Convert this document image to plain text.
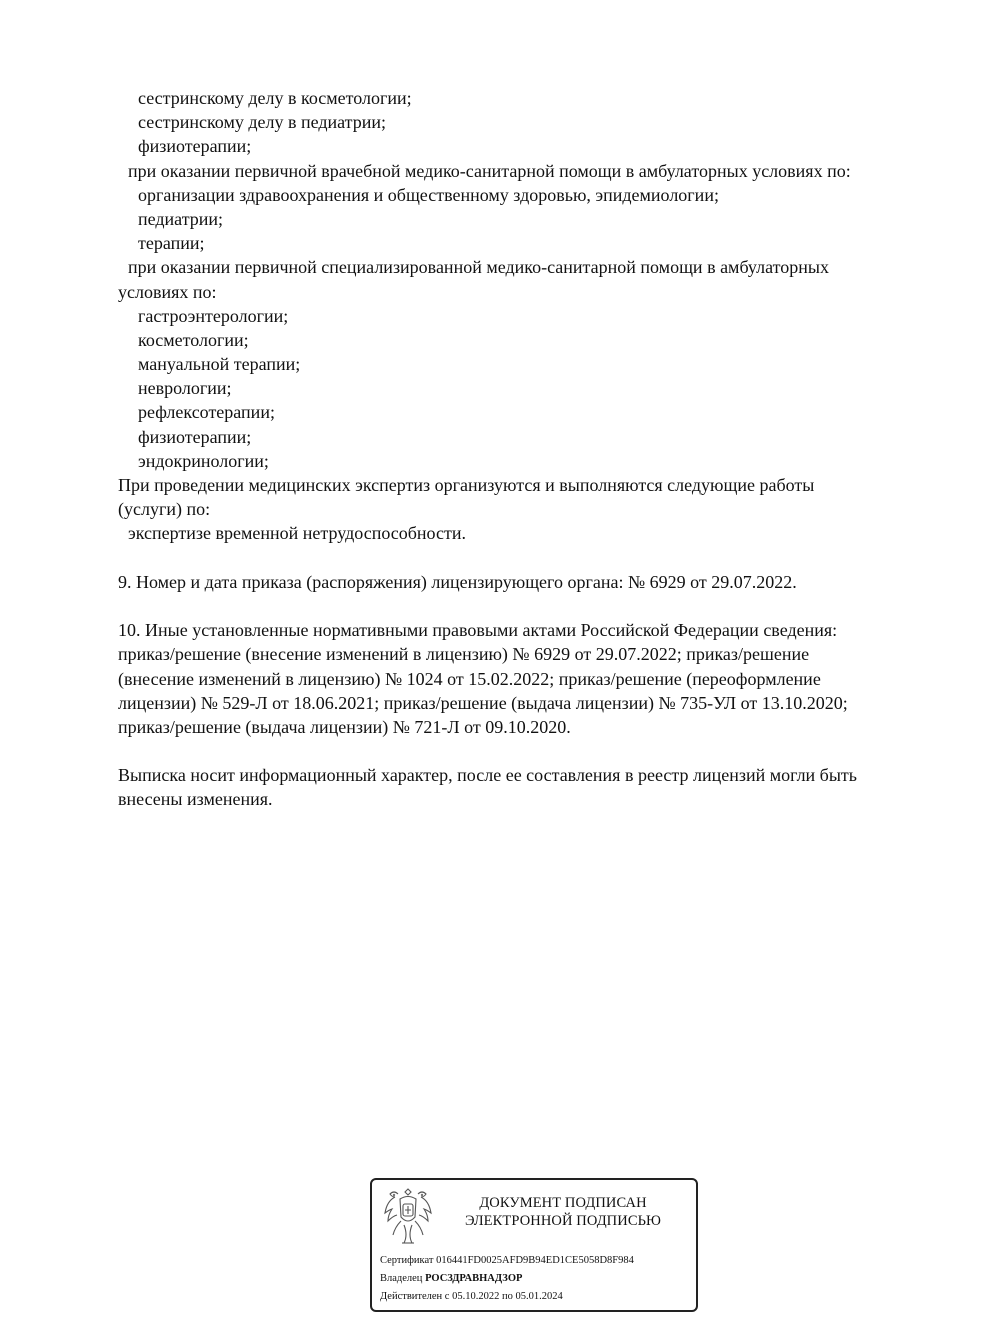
сестринскому делу в косметологии;
сестринскому делу в педиатрии;
физиотерапии;
при оказании первичной врачебной медико-санитарной помощи в амбулаторных условиях по:
организации здравоохранения и общественному здоровью, эпидемиологии;
педиатрии;
терапии;
при оказании первичной специализированной медико-санитарной помощи в амбулаторных
условиях по:
гастроэнтерологии;
косметологии;
мануальной терапии;
неврологии;
рефлексотерапии;
физиотерапии;
эндокринологии;
При проведении медицинских экспертиз организуются и выполняются следующие работы
(услуги) по:
экспертизе временной нетрудоспособности.
9. Номер и дата приказа (распоряжения) лицензирующего органа: № 6929 от 29.07.2022.
10. Иные установленные нормативными правовыми актами Российской Федерации сведения:
приказ/решение (внесение изменений в лицензию) № 6929 от 29.07.2022; приказ/решение
(внесение изменений в лицензию) № 1024 от 15.02.2022; приказ/решение (переоформление
лицензии) № 529-Л от 18.06.2021; приказ/решение (выдача лицензии) № 735-УЛ от 13.10.2020;
приказ/решение (выдача лицензии) № 721-Л от 09.10.2020.
Выписка носит информационный характер, после ее составления в реестр лицензий могли быть
внесены изменения.
ДОКУМЕНТ ПОДПИСАН
ЭЛЕКТРОННОЙ ПОДПИСЬЮ
Сертификат 016441FD0025AFD9B94ED1CE5058D8F984
Владелец РОСЗДРАВНАДЗОР
Действителен с 05.10.2022 по 05.01.2024
